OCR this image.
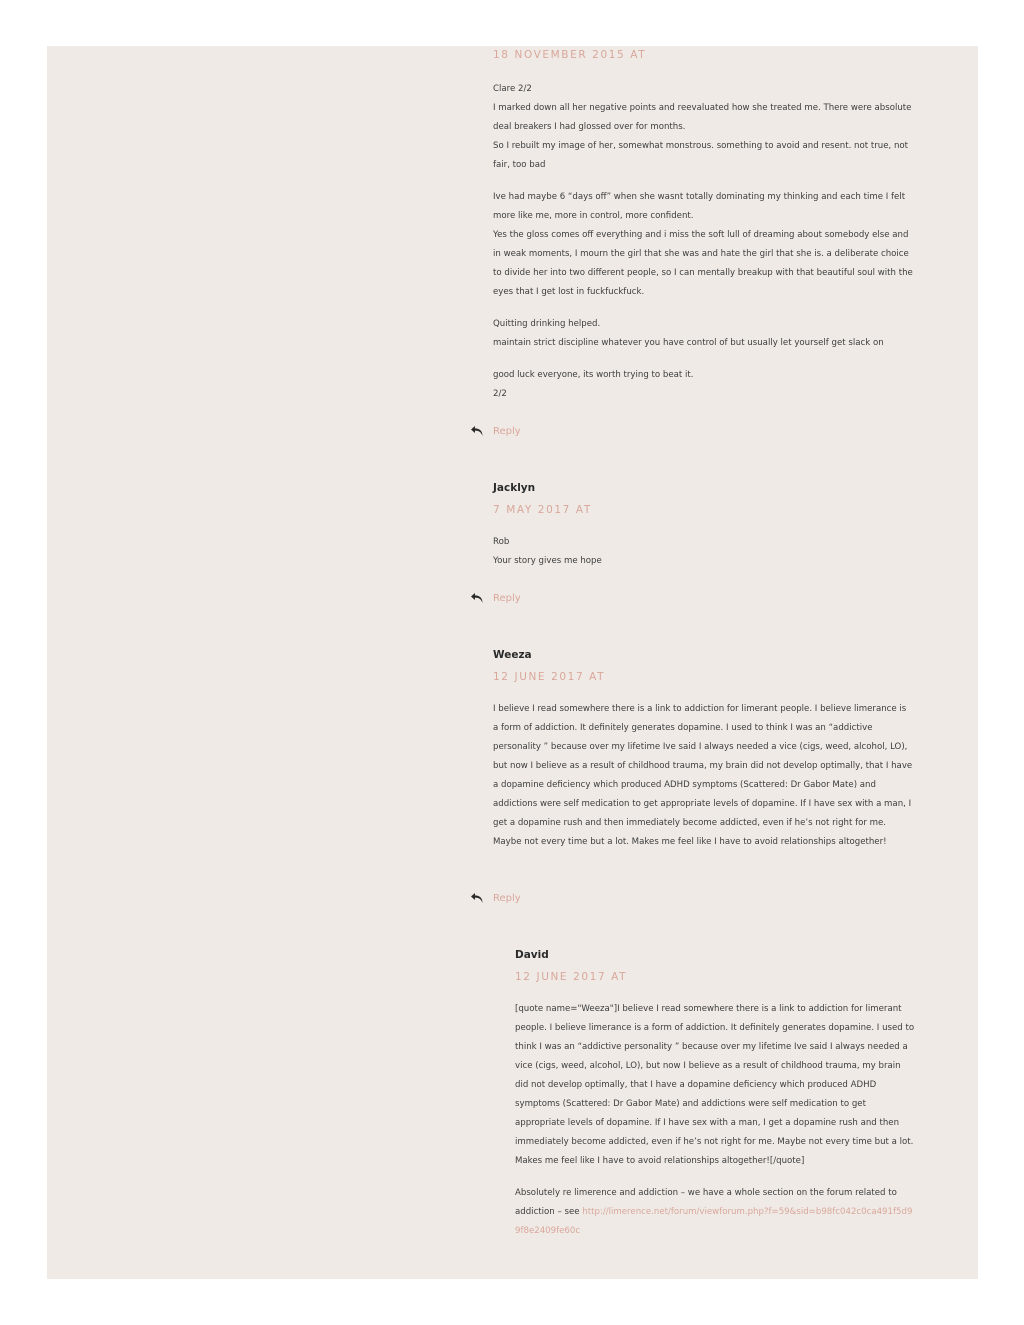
18 NOVEMBER 2015 AT

Clare 2/2
I marked down all her negative points and reevaluated how she treated me. There were absolute deal breakers I had glossed over for months.
So I rebuilt my image of her, somewhat monstrous. something to avoid and resent. not true, not fair, too bad

Ive had maybe 6 “days off” when she wasnt totally dominating my thinking and each time I felt more like me, more in control, more confident.
Yes the gloss comes off everything and i miss the soft lull of dreaming about somebody else and in weak moments, I mourn the girl that she was and hate the girl that she is. a deliberate choice to divide her into two different people, so I can mentally breakup with that beautiful soul with the eyes that I get lost in fuckfuckfuck.

Quitting drinking helped.
maintain strict discipline whatever you have control of but usually let yourself get slack on

good luck everyone, its worth trying to beat it.
2/2

Reply
Jacklyn
7 MAY 2017 AT

Rob
Your story gives me hope

Reply
Weeza
12 JUNE 2017 AT

I believe I read somewhere there is a link to addiction for limerant people. I believe limerance is a form of addiction. It definitely generates dopamine. I used to think I was an “addictive personality ” because over my lifetime Ive said I always needed a vice (cigs, weed, alcohol, LO), but now I believe as a result of childhood trauma, my brain did not develop optimally, that I have a dopamine deficiency which produced ADHD symptoms (Scattered: Dr Gabor Mate) and addictions were self medication to get appropriate levels of dopamine. If I have sex with a man, I get a dopamine rush and then immediately become addicted, even if he’s not right for me. Maybe not every time but a lot. Makes me feel like I have to avoid relationships altogether!

Reply
David
12 JUNE 2017 AT

[quote name="Weeza"]I believe I read somewhere there is a link to addiction for limerant people. I believe limerance is a form of addiction. It definitely generates dopamine. I used to think I was an “addictive personality ” because over my lifetime Ive said I always needed a vice (cigs, weed, alcohol, LO), but now I believe as a result of childhood trauma, my brain did not develop optimally, that I have a dopamine deficiency which produced ADHD symptoms (Scattered: Dr Gabor Mate) and addictions were self medication to get appropriate levels of dopamine. If I have sex with a man, I get a dopamine rush and then immediately become addicted, even if he’s not right for me. Maybe not every time but a lot. Makes me feel like I have to avoid relationships altogether![/quote]

Absolutely re limerence and addiction – we have a whole section on the forum related to addiction – see http://limerence.net/forum/viewforum.php?f=59&sid=b98fc042c0ca491f5d99f8e2409fe60c
